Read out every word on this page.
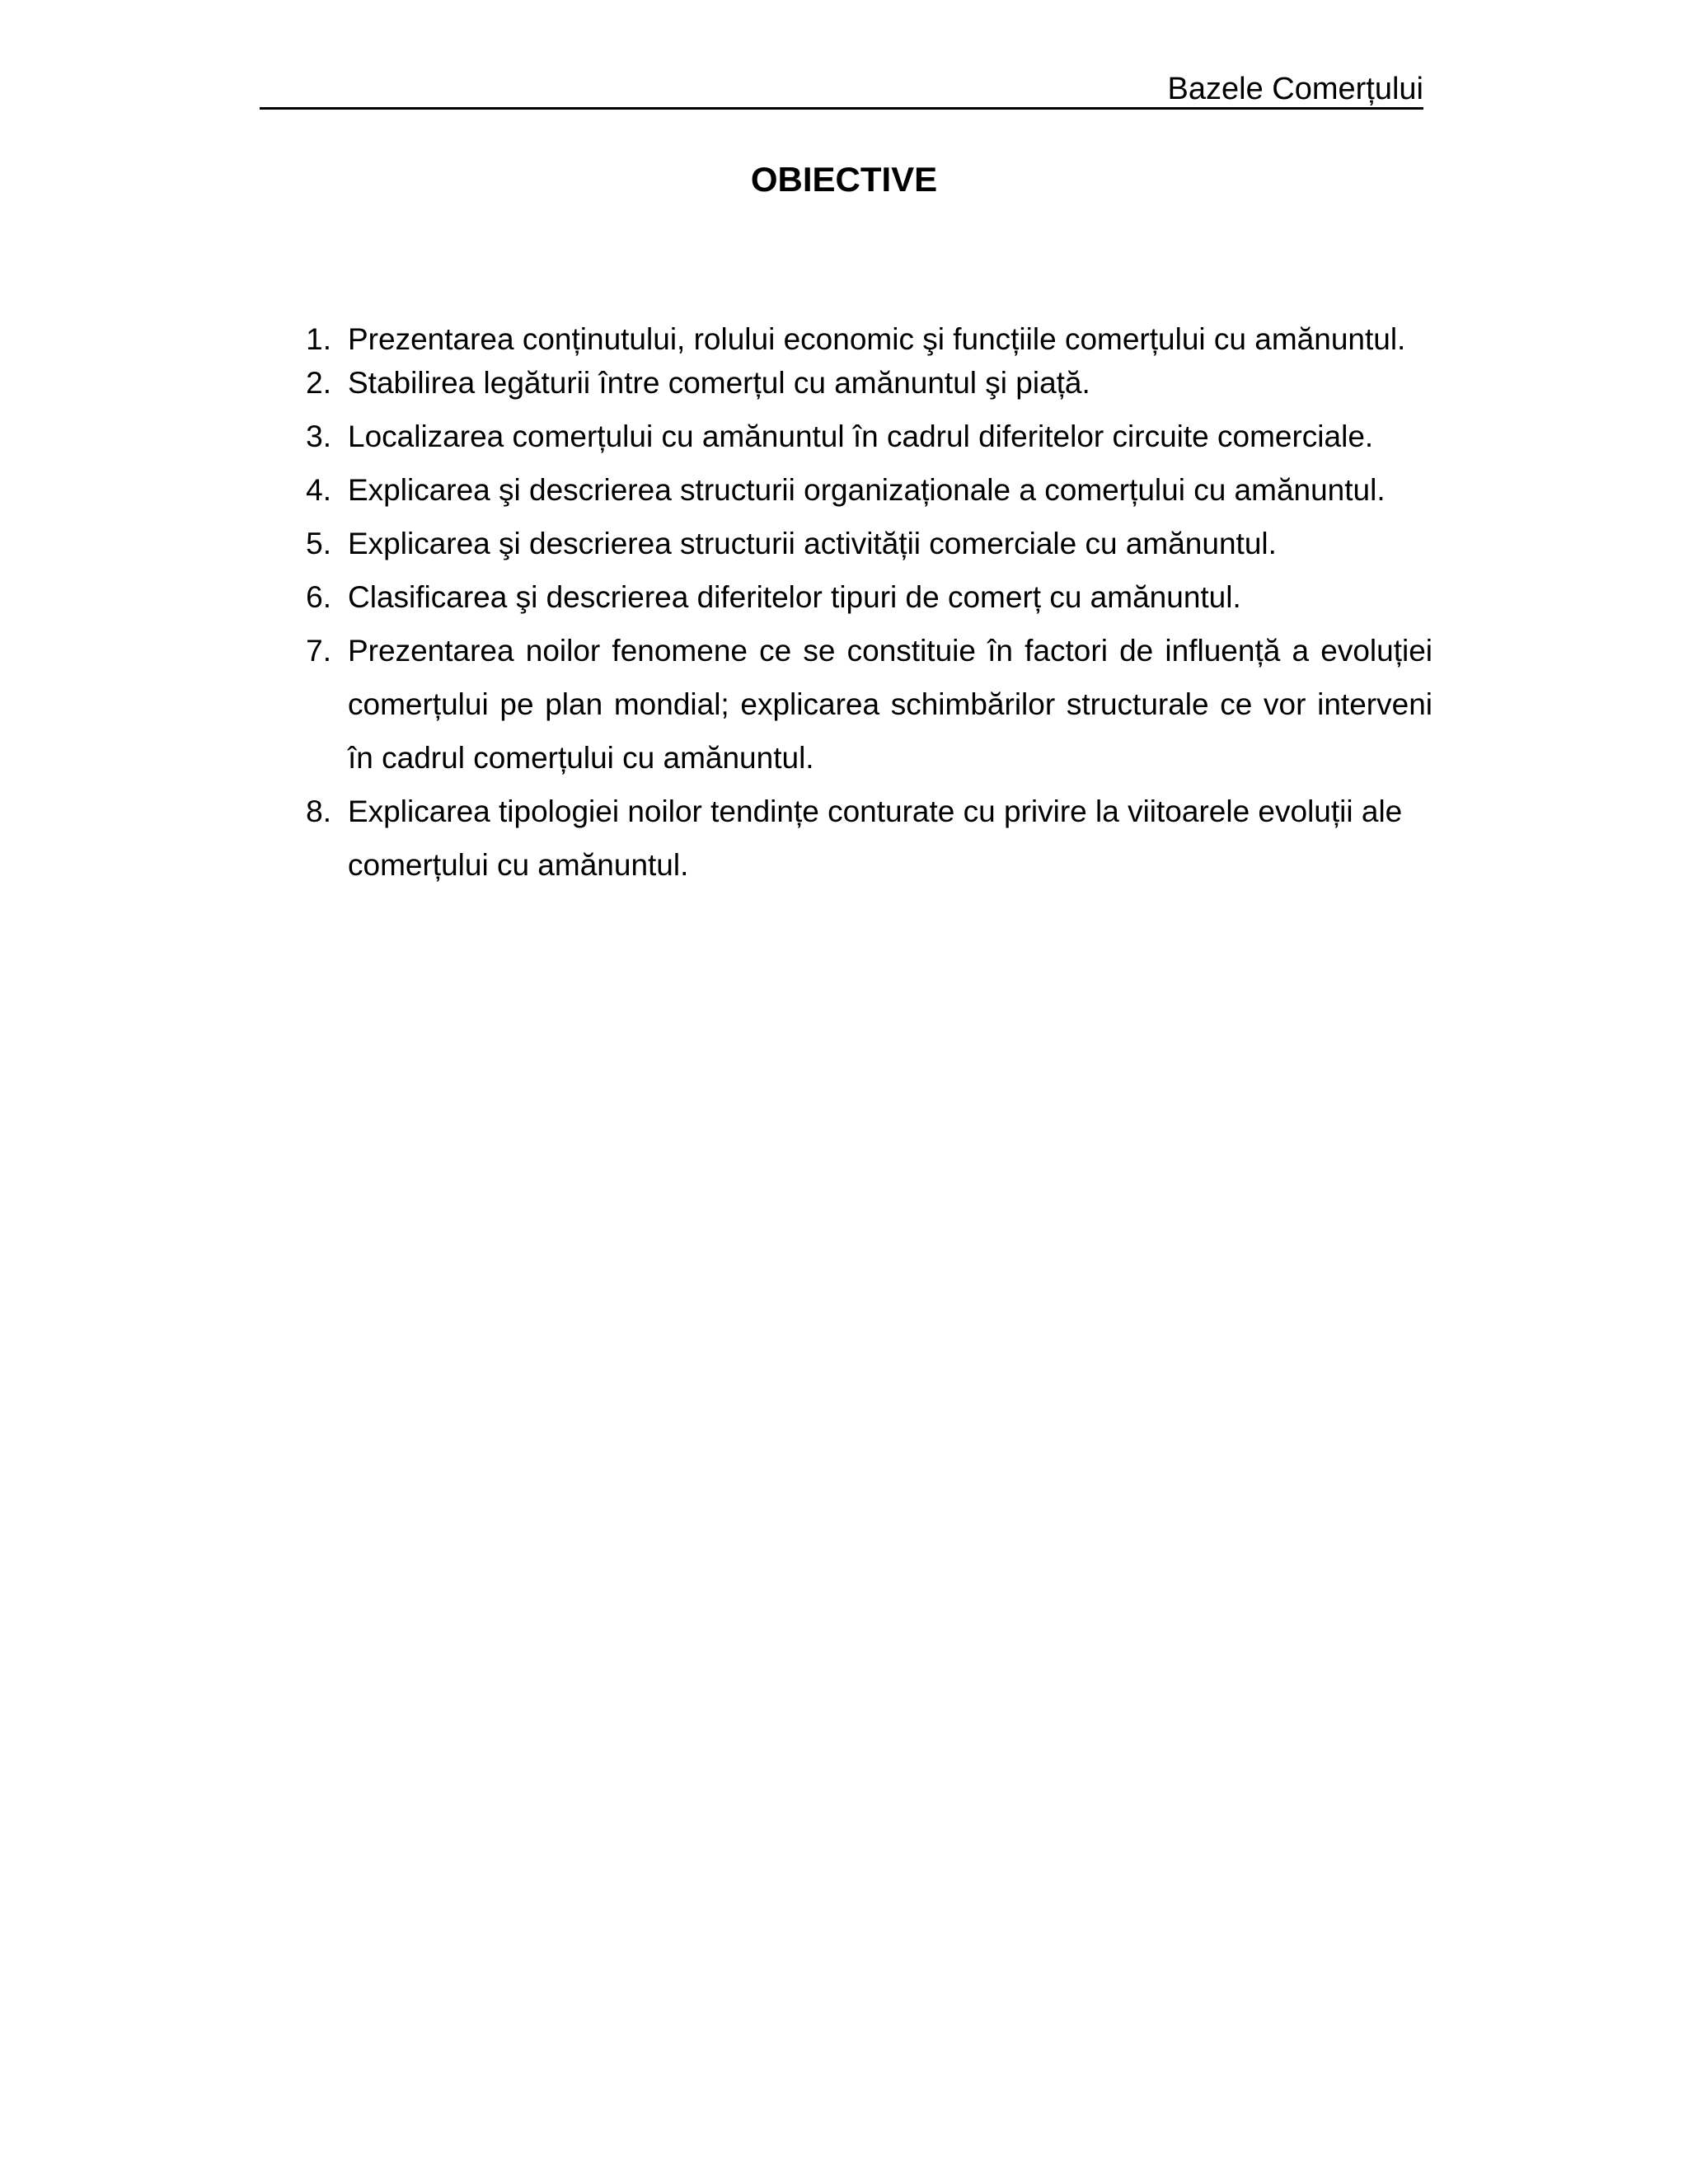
Bazele Comerțului
OBIECTIVE
1. Prezentarea conținutului, rolului economic şi funcțiile comerțului cu amănuntul.
2. Stabilirea legăturii între comerțul cu amănuntul şi piață.
3. Localizarea comerțului cu amănuntul în cadrul diferitelor circuite comerciale.
4. Explicarea şi descrierea structurii organizaționale a comerțului cu amănuntul.
5. Explicarea şi descrierea structurii activității comerciale cu amănuntul.
6. Clasificarea şi descrierea diferitelor tipuri de comerț cu amănuntul.
7. Prezentarea noilor fenomene ce se constituie în factori de influență a evoluției comerțului pe plan mondial; explicarea schimbărilor structurale ce vor interveni în cadrul comerțului cu amănuntul.
8. Explicarea tipologiei noilor tendințe conturate cu privire la viitoarele evoluții ale comerțului cu amănuntul.
